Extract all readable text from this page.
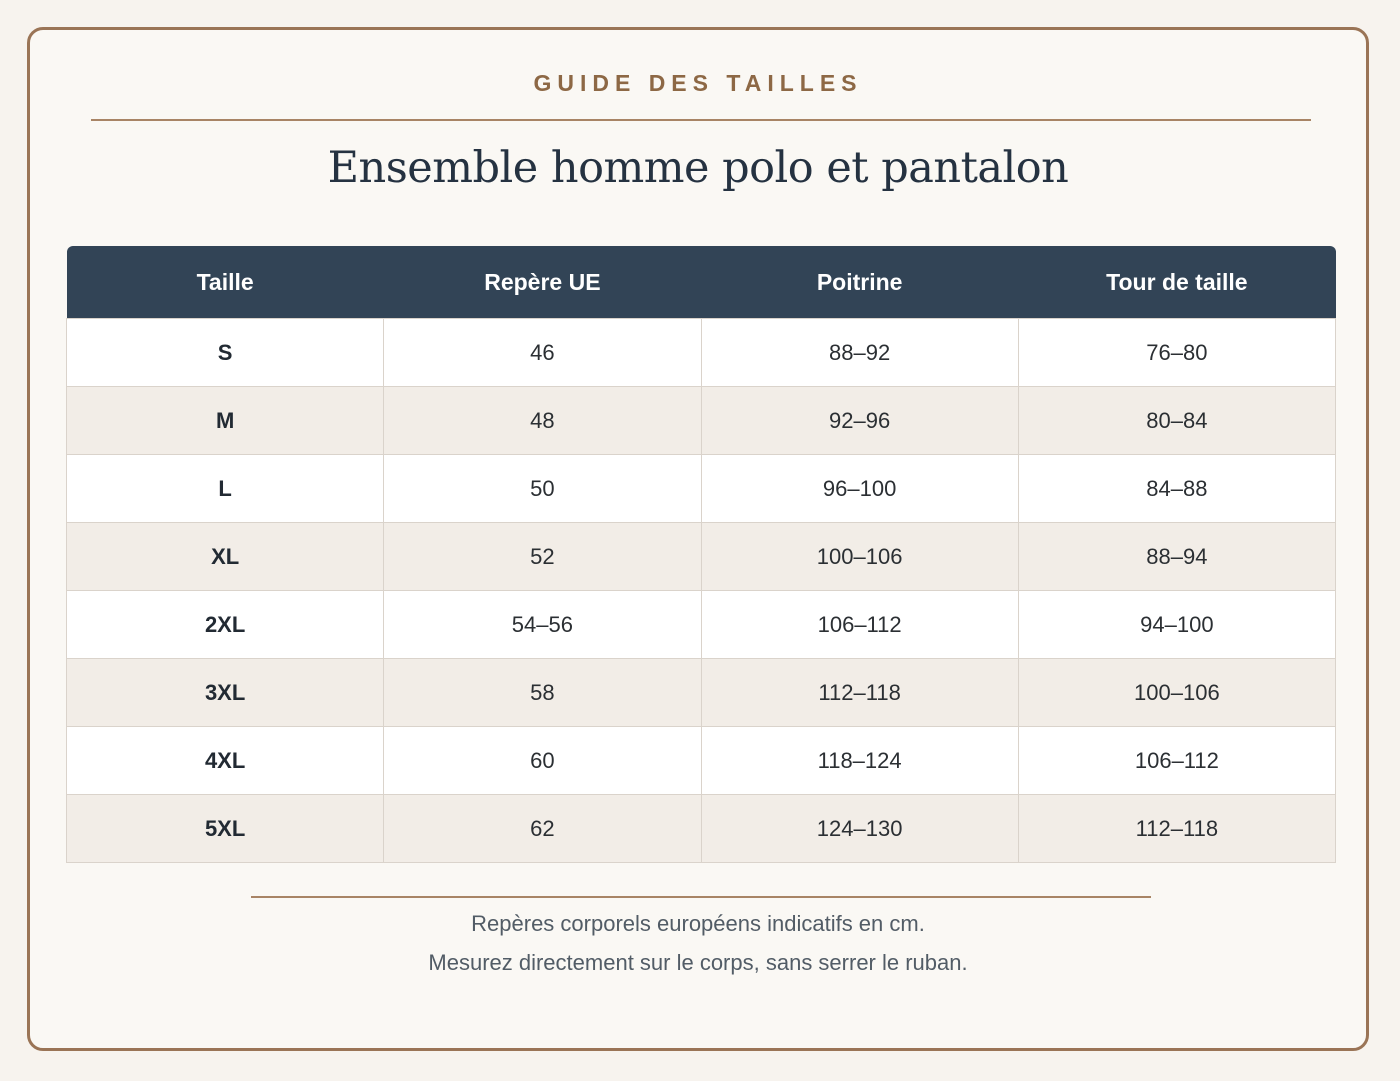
GUIDE DES TAILLES
Ensemble homme polo et pantalon
Taille	Repère UE	Poitrine	Tour de taille
S	46	88–92	76–80
M	48	92–96	80–84
L	50	96–100	84–88
XL	52	100–106	88–94
2XL	54–56	106–112	94–100
3XL	58	112–118	100–106
4XL	60	118–124	106–112
5XL	62	124–130	112–118
Repères corporels européens indicatifs en cm.
Mesurez directement sur le corps, sans serrer le ruban.
